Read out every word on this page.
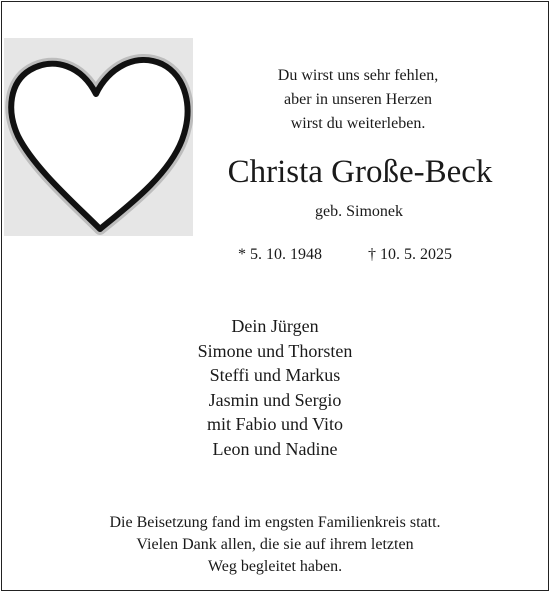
Du wirst uns sehr fehlen,
aber in unseren Herzen
wirst du weiterleben.
Christa Große-Beck
geb. Simonek
* 5. 10. 1948	† 10. 5. 2025
Dein Jürgen
Simone und Thorsten
Steffi und Markus
Jasmin und Sergio
mit Fabio und Vito
Leon und Nadine
Die Beisetzung fand im engsten Familienkreis statt.
Vielen Dank allen, die sie auf ihrem letzten
Weg begleitet haben.
